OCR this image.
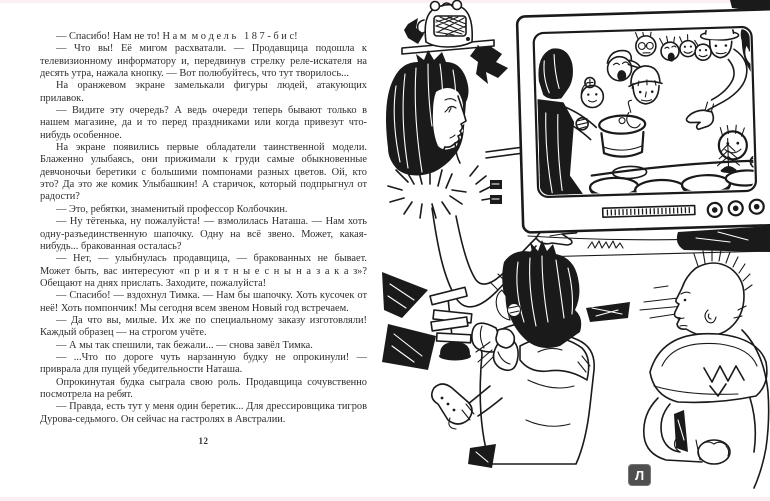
— Спасибо! Нам не то! Н а м м о д е л ь  1 8 7 - б и с!

— Что вы! Её мигом расхватали. — Продавщица подошла к телевизионному информатору и, передвинув стрелку реле-искателя на десять утра, нажала кнопку. — Вот полюбуйтесь, что тут творилось...

На оранжевом экране замелькали фигуры людей, атакующих прилавок.

— Видите эту очередь? А ведь очереди теперь бывают только в нашем магазине, да и то перед праздниками или когда привезут что-нибудь особенное.

На экране появились первые обладатели таинственной модели. Блаженно улыбаясь, они прижимали к груди самые обыкновенные девчоночьи беретики с большими помпонами разных цветов. Ой, кто это? Да это же комик Улыбашкин! А старичок, который подпрыгнул от радости?

— Это, ребятки, знаменитый профессор Колбочкин.

— Ну тётенька, ну пожалуйста! — взмолилась Наташа. — Нам хоть одну-разъединственную шапочку. Одну на всё звено. Может, какая-нибудь... бракованная осталась?

— Нет, — улыбнулась продавщица, — бракованных не бывает. Может быть, вас интересуют «п р и я т н ы е с н ы н а з а к а з»? Обещают на днях прислать. Заходите, пожалуйста!

— Спасибо! — вздохнул Тимка. — Нам бы шапочку. Хоть кусочек от неё! Хоть помпончик! Мы сегодня всем звеном Новый год встречаем.

— Да что вы, милые. Их же по специальному заказу изготовляли! Каждый образец — на строгом учёте.

— А мы так спешили, так бежали... — снова завёл Тимка.

— ...Что по дороге чуть нарзанную будку не опрокинули! — приврала для пущей убедительности Наташа.

Опрокинутая будка сыграла свою роль. Продавщица сочувственно посмотрела на ребят.

— Правда, есть тут у меня один беретик... Для дрессировщика тигров Дурова-седьмого. Он сейчас на гастролях в Австралии.

12
Л
